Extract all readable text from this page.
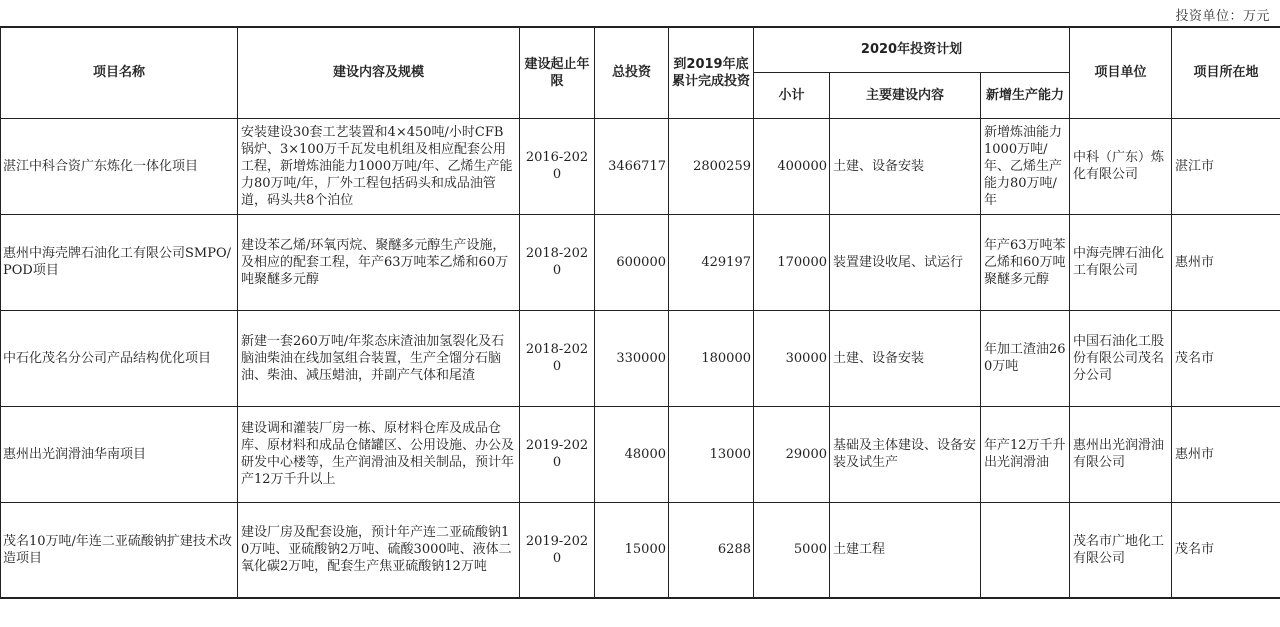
投资单位：万元
项目名称	建设内容及规模	建设起止年限	总投资	到2019年底累计完成投资	2020年投资计划			项目单位	项目所在地
					小计	主要建设内容	新增生产能力		
湛江中科合资广东炼化一体化项目	安装建设30套工艺装置和4×450吨/小时CFB锅炉、3×100万千瓦发电机组及相应配套公用工程，新增炼油能力1000万吨/年、乙烯生产能力80万吨/年，厂外工程包括码头和成品油管道，码头共8个泊位	2016-2020	3466717	2800259	400000	土建、设备安装	新增炼油能力1000万吨/年、乙烯生产能力80万吨/年	中科（广东）炼化有限公司	湛江市
惠州中海壳牌石油化工有限公司SMPO/POD项目	建设苯乙烯/环氧丙烷、聚醚多元醇生产设施，及相应的配套工程，年产63万吨苯乙烯和60万吨聚醚多元醇	2018-2020	600000	429197	170000	装置建设收尾、试运行	年产63万吨苯乙烯和60万吨聚醚多元醇	中海壳牌石油化工有限公司	惠州市
中石化茂名分公司产品结构优化项目	新建一套260万吨/年浆态床渣油加氢裂化及石脑油柴油在线加氢组合装置，生产全馏分石脑油、柴油、减压蜡油，并副产气体和尾渣	2018-2020	330000	180000	30000	土建、设备安装	年加工渣油260万吨	中国石油化工股份有限公司茂名分公司	茂名市
惠州出光润滑油华南项目	建设调和灌装厂房一栋、原材料仓库及成品仓库、原材料和成品仓储罐区、公用设施、办公及研发中心楼等，生产润滑油及相关制品，预计年产12万千升以上	2019-2020	48000	13000	29000	基础及主体建设、设备安装及试生产	年产12万千升出光润滑油	惠州出光润滑油有限公司	惠州市
茂名10万吨/年连二亚硫酸钠扩建技术改造项目	建设厂房及配套设施，预计年产连二亚硫酸钠10万吨、亚硫酸钠2万吨、硫酸3000吨、液体二氧化碳2万吨，配套生产焦亚硫酸钠12万吨	2019-2020	15000	6288	5000	土建工程		茂名市广地化工有限公司	茂名市
